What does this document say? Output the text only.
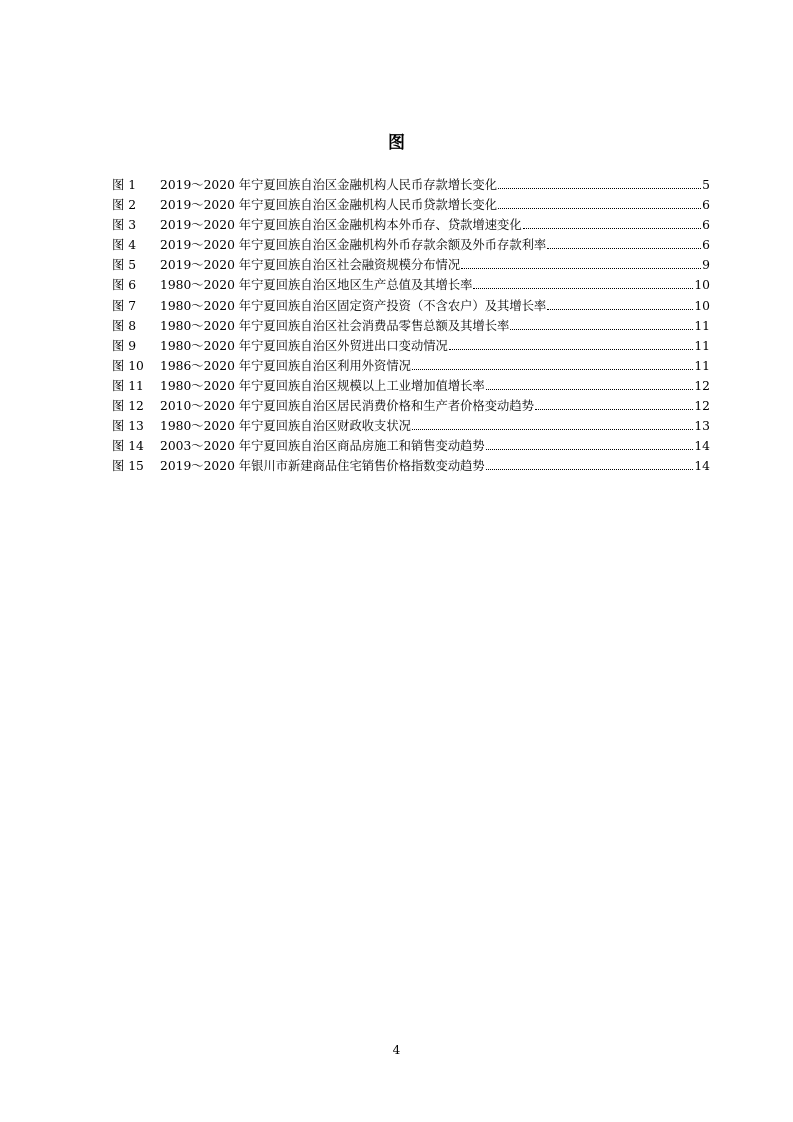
图
图 1	2019～2020 年宁夏回族自治区金融机构人民币存款增长变化	5
图 2	2019～2020 年宁夏回族自治区金融机构人民币贷款增长变化	6
图 3	2019～2020 年宁夏回族自治区金融机构本外币存、贷款增速变化	6
图 4	2019～2020 年宁夏回族自治区金融机构外币存款余额及外币存款利率	6
图 5	2019～2020 年宁夏回族自治区社会融资规模分布情况	9
图 6	1980～2020 年宁夏回族自治区地区生产总值及其增长率	10
图 7	1980～2020 年宁夏回族自治区固定资产投资（不含农户）及其增长率	10
图 8	1980～2020 年宁夏回族自治区社会消费品零售总额及其增长率	11
图 9	1980～2020 年宁夏回族自治区外贸进出口变动情况	11
图 10	1986～2020 年宁夏回族自治区利用外资情况	11
图 11	1980～2020 年宁夏回族自治区规模以上工业增加值增长率	12
图 12	2010～2020 年宁夏回族自治区居民消费价格和生产者价格变动趋势	12
图 13	1980～2020 年宁夏回族自治区财政收支状况	13
图 14	2003～2020 年宁夏回族自治区商品房施工和销售变动趋势	14
图 15	2019～2020 年银川市新建商品住宅销售价格指数变动趋势	14
4
